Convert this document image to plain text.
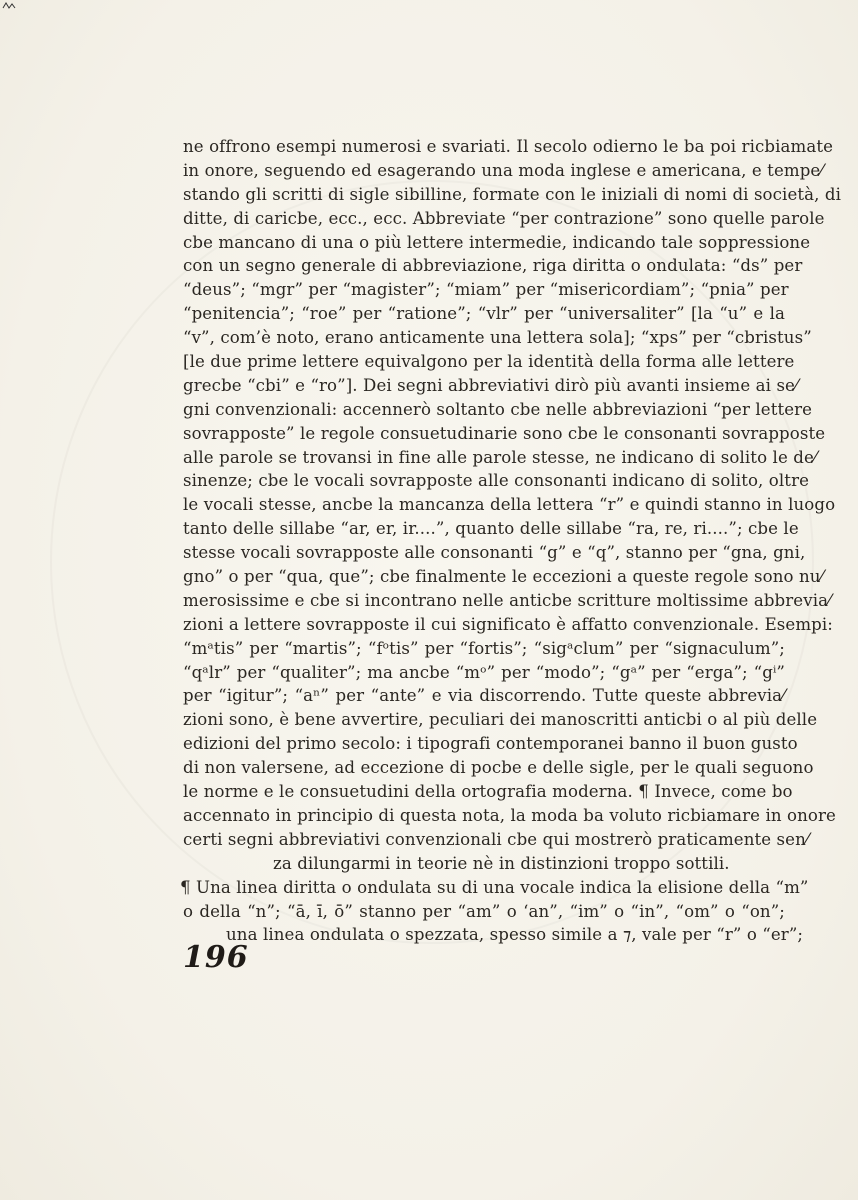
ne offrono esempi numerosi e svariati. Il secolo odierno le ba poi ricbiamate
in onore, seguendo ed esagerando una moda inglese e americana, e tempe⁄
stando gli scritti di sigle sibilline, formate con le iniziali di nomi di società, di
ditte, di caricbe, ecc., ecc. Abbreviate “per contrazione” sono quelle parole
cbe mancano di una o più lettere intermedie, indicando tale soppressione
con un segno generale di abbreviazione, riga diritta o ondulata: “ds” per
“deus”; “mgr” per “magister”; “miam” per “misericordiam”; “pnia” per
“penitencia”; “roe” per “ratione”; “vlr” per “universaliter” [la “u” e la
“v”, com’è noto, erano anticamente una lettera sola]; “xps” per “cbristus”
[le due prime lettere equivalgono per la identità della forma alle lettere
grecbe “cbi” e “ro”]. Dei segni abbreviativi dirò più avanti insieme ai se⁄
gni convenzionali: accennerò soltanto cbe nelle abbreviazioni “per lettere
sovrapposte” le regole consuetudinarie sono cbe le consonanti sovrapposte
alle parole se trovansi in fine alle parole stesse, ne indicano di solito le de⁄
sinenze; cbe le vocali sovrapposte alle consonanti indicano di solito, oltre
le vocali stesse, ancbe la mancanza della lettera “r” e quindi stanno in luogo
tanto delle sillabe “ar, er, ir....”, quanto delle sillabe “ra, re, ri....”; cbe le
stesse vocali sovrapposte alle consonanti “g” e “q”, stanno per “gna, gni,
gno” o per “qua, que”; cbe finalmente le eccezioni a queste regole sono nu⁄
merosissime e cbe si incontrano nelle anticbe scritture moltissime abbrevia⁄
zioni a lettere sovrapposte il cui significato è affatto convenzionale. Esempi:
“mᵃtis” per “martis”; “fᵒtis” per “fortis”; “sigᵃclum” per “signaculum”;
“qᵃlr” per “qualiter”; ma ancbe “mᵒ” per “modo”; “gᵃ” per “erga”; “gⁱ”
per “igitur”; “aⁿ” per “ante” e via discorrendo. Tutte queste abbrevia⁄
zioni sono, è bene avvertire, peculiari dei manoscritti anticbi o al più delle
edizioni del primo secolo: i tipografi contemporanei banno il buon gusto
di non valersene, ad eccezione di pocbe e delle sigle, per le quali seguono
le norme e le consuetudini della ortografia moderna. ¶ Invece, come bo
accennato in principio di questa nota, la moda ba voluto ricbiamare in onore
certi segni abbreviativi convenzionali cbe qui mostrerò praticamente sen⁄
za dilungarmi in teorie nè in distinzioni troppo sottili.
¶ Una linea diritta o ondulata su di una vocale indica la elisione della “m”
o della “n”; “ā, ī, ō” stanno per “am” o ‘an”, “im” o “in”, “om” o “on”;
una linea ondulata o spezzata, spesso simile a ⁊, vale per “r” o “er”;
196
